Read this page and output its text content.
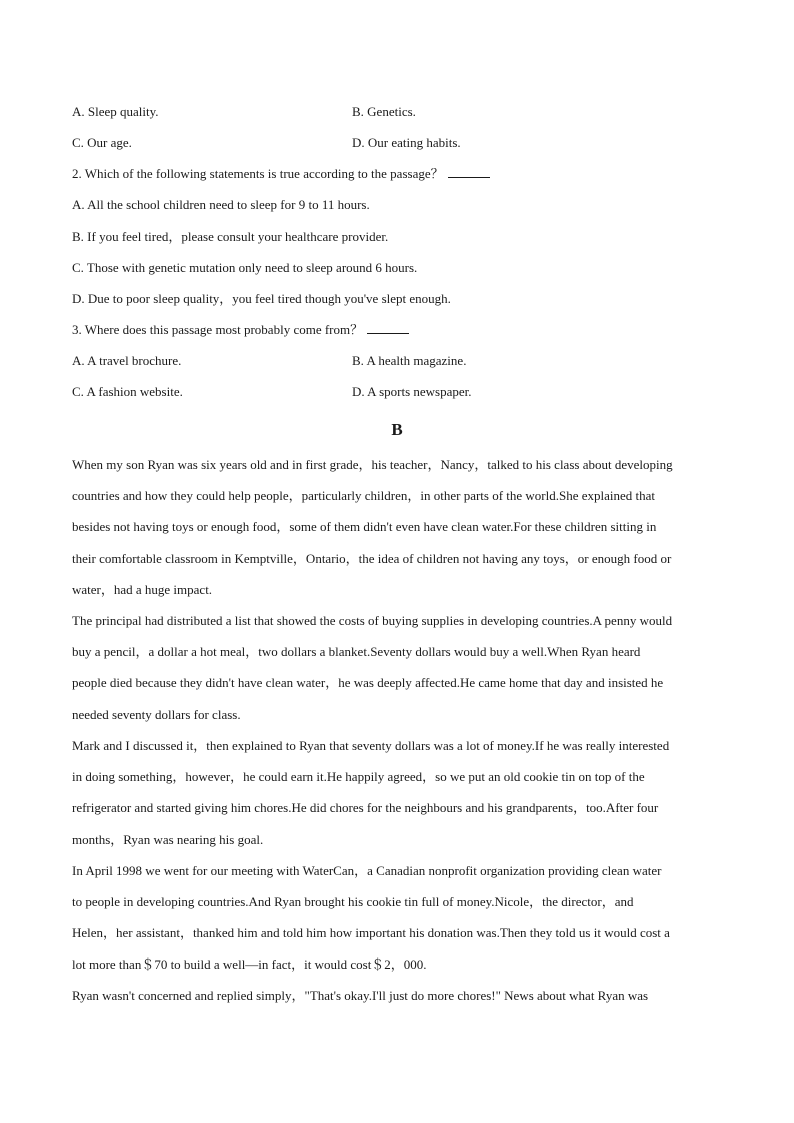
A. Sleep quality.	B. Genetics.
C. Our age.	D. Our eating habits.
2. Which of the following statements is true according to the passage？
A. All the school children need to sleep for 9 to 11 hours.
B. If you feel tired，please consult your healthcare provider.
C. Those with genetic mutation only need to sleep around 6 hours.
D. Due to poor sleep quality，you feel tired though you've slept enough.
3. Where does this passage most probably come from？
A. A travel brochure.	B. A health magazine.
C. A fashion website.	D. A sports newspaper.
B
When my son Ryan was six years old and in first grade，his teacher，Nancy，talked to his class about developing
countries and how they could help people，particularly children，in other parts of the world.She explained that
besides not having toys or enough food，some of them didn't even have clean water.For these children sitting in
their comfortable classroom in Kemptville，Ontario，the idea of children not having any toys，or enough food or
water，had a huge impact.
The principal had distributed a list that showed the costs of buying supplies in developing countries.A penny would
buy a pencil，a dollar a hot meal，two dollars a blanket.Seventy dollars would buy a well.When Ryan heard
people died because they didn't have clean water，he was deeply affected.He came home that day and insisted he
needed seventy dollars for class.
Mark and I discussed it，then explained to Ryan that seventy dollars was a lot of money.If he was really interested
in doing something，however，he could earn it.He happily agreed，so we put an old cookie tin on top of the
refrigerator and started giving him chores.He did chores for the neighbours and his grandparents，too.After four
months，Ryan was nearing his goal.
In April 1998 we went for our meeting with WaterCan，a Canadian nonprofit organization providing clean water
to people in developing countries.And Ryan brought his cookie tin full of money.Nicole，the director，and
Helen，her assistant，thanked him and told him how important his donation was.Then they told us it would cost a
lot more than＄70 to build a well—in fact，it would cost＄2，000.
Ryan wasn't concerned and replied simply，"That's okay.I'll just do more chores!" News about what Ryan was
